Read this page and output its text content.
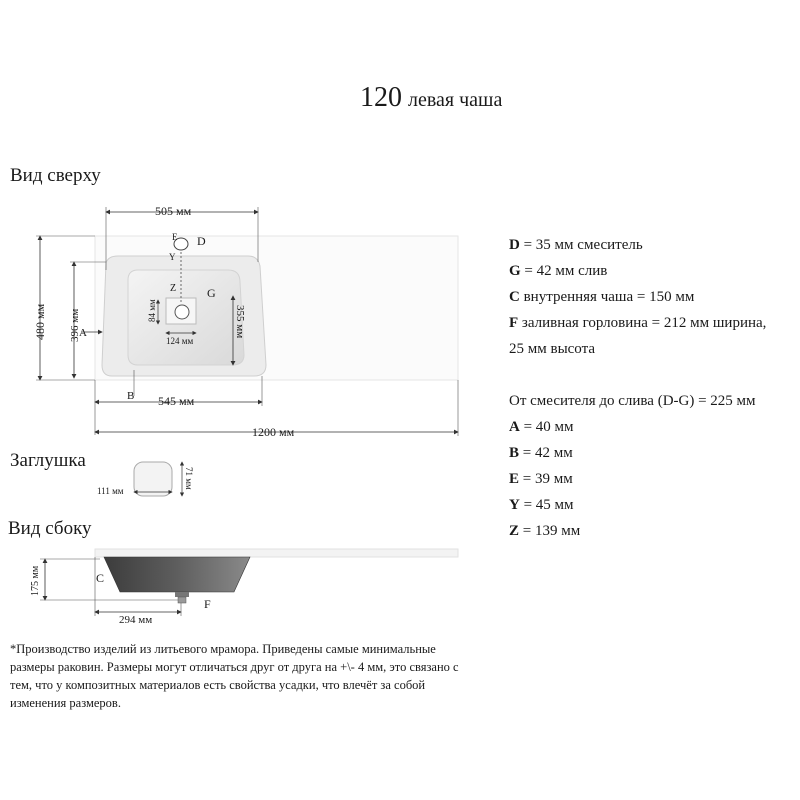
120 левая чаша
Вид сверху
Заглушка
Вид сбоку
505 мм
480 мм 396 мм
A	355 мм
124 мм
84 мм
Z	G
E D
Y
B 545 мм
1200 мм
111 мм
71 мм
175 мм	C
294 мм
F
D = 35 мм смеситель
G = 42 мм слив
C внутренняя чаша = 150 мм
F заливная горловина = 212 мм ширина,
25 мм высота
От смесителя до слива (D-G) = 225 мм
A = 40 мм
B = 42 мм
E = 39 мм
Y = 45 мм
Z = 139 мм
*Производство изделий из литьевого мрамора. Приведены самые минимальные размеры раковин. Размеры могут отличаться друг от друга на +\- 4 мм, это связано с тем, что у композитных материалов есть свойства усадки, что влечёт за собой изменения размеров.
